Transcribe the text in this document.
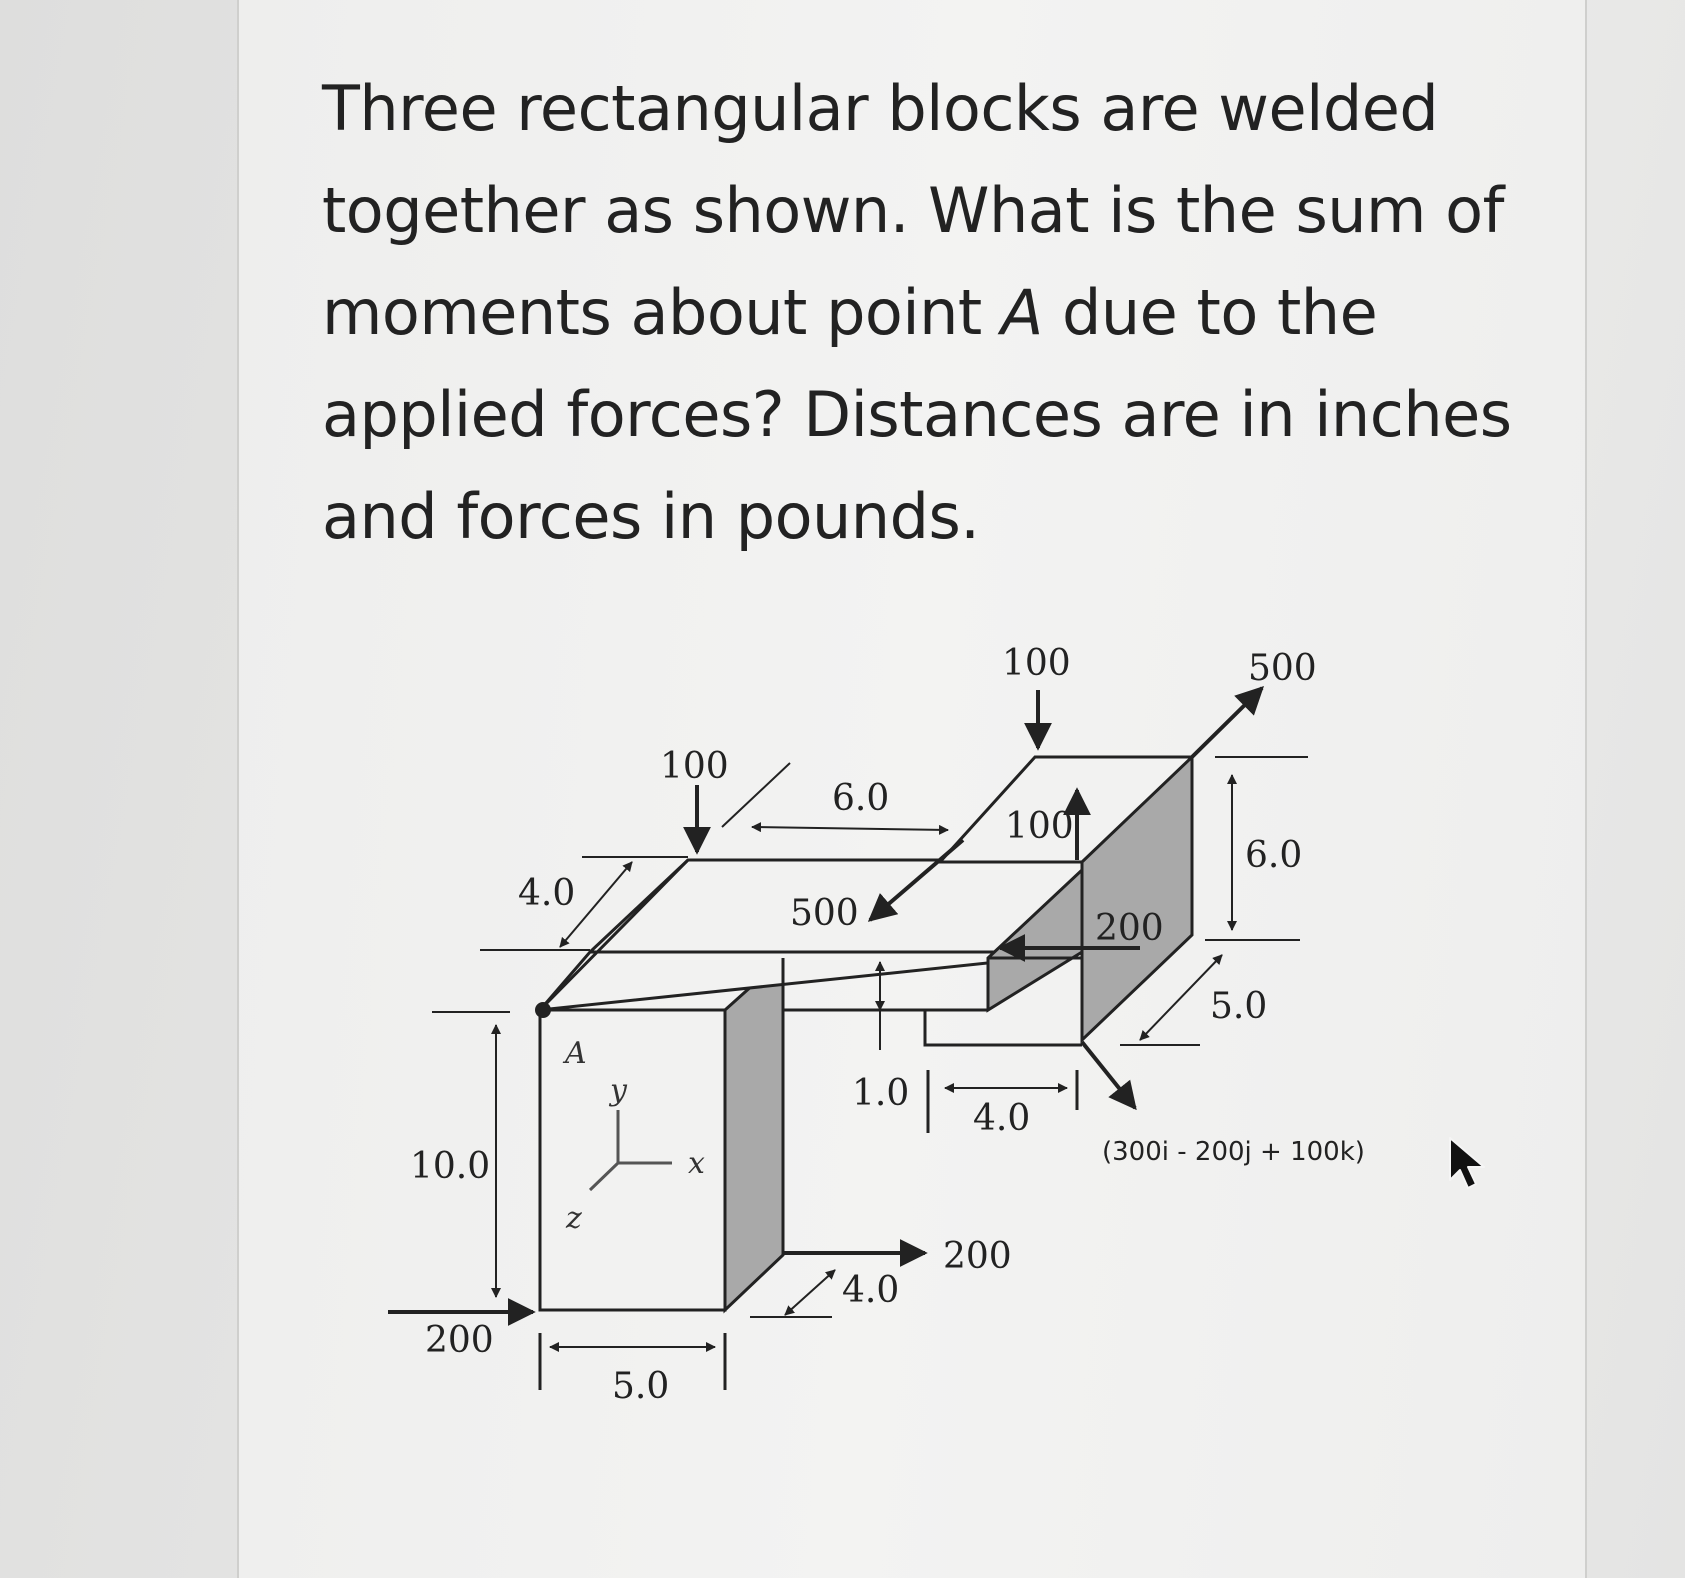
Three rectangular blocks are welded
together as shown. What is the sum of
moments about point A due to the
applied forces? Distances are in inches
and forces in pounds.

A
y
x
z
100
100	500
100
500	200
200
200
(300i - 200j + 100k)
6.0
4.0
6.0
5.0
1.0
4.0
10.0
4.0
5.0
